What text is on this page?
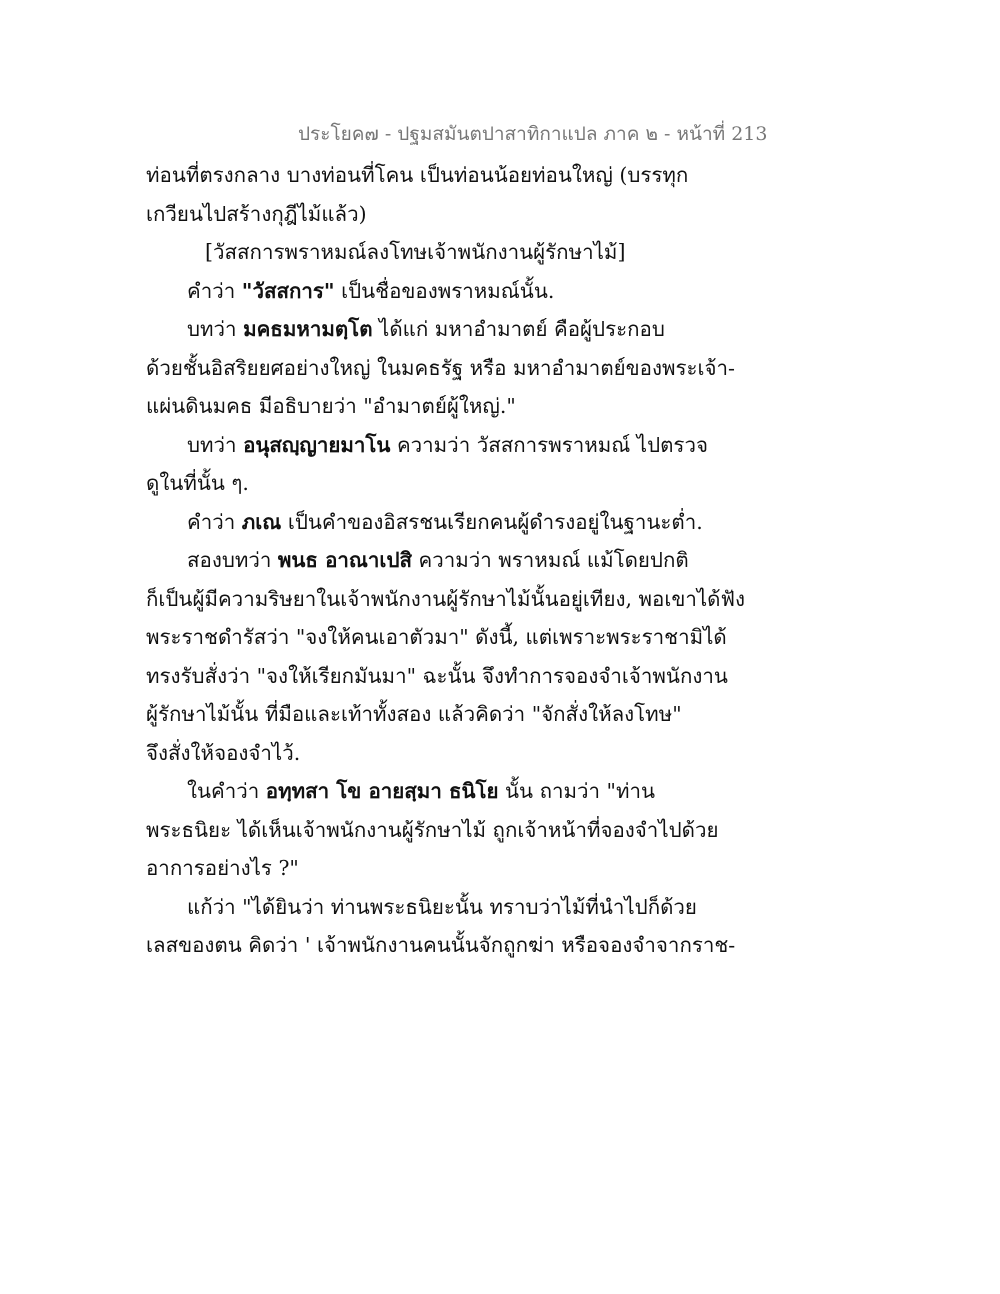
ประโยค๗ - ปฐมสมันตปาสาทิกาแปล ภาค ๒ - หน้าที่ 213
ท่อนที่ตรงกลาง บางท่อนที่โคน เป็นท่อนน้อยท่อนใหญ่ (บรรทุก
เกวียนไปสร้างกุฎีไม้แล้ว)
[วัสสการพราหมณ์ลงโทษเจ้าพนักงานผู้รักษาไม้]
คำว่า "วัสสการ" เป็นชื่อของพราหมณ์นั้น.
บทว่า มคธมหามตฺโต ได้แก่ มหาอำมาตย์ คือผู้ประกอบ
ด้วยชั้นอิสริยยศอย่างใหญ่ ในมคธรัฐ หรือ มหาอำมาตย์ของพระเจ้า-
แผ่นดินมคธ มีอธิบายว่า "อำมาตย์ผู้ใหญ่."
บทว่า อนุสญฺญายมาโน ความว่า วัสสการพราหมณ์ ไปตรวจ
ดูในที่นั้น ๆ.
คำว่า ภเณ เป็นคำของอิสรชนเรียกคนผู้ดำรงอยู่ในฐานะต่ำ.
สองบทว่า พนธ อาณาเปสิ ความว่า พราหมณ์ แม้โดยปกติ
ก็เป็นผู้มีความริษยาในเจ้าพนักงานผู้รักษาไม้นั้นอยู่เทียง, พอเขาได้ฟัง
พระราชดำรัสว่า "จงให้คนเอาตัวมา" ดังนี้, แต่เพราะพระราชามิได้
ทรงรับสั่งว่า "จงให้เรียกมันมา" ฉะนั้น จึงทำการจองจำเจ้าพนักงาน
ผู้รักษาไม้นั้น ที่มือและเท้าทั้งสอง แล้วคิดว่า "จักสั่งให้ลงโทษ"
จึงสั่งให้จองจำไว้.
ในคำว่า อทฺทสา โข อายสฺมา ธนิโย นั้น ถามว่า "ท่าน
พระธนิยะ ได้เห็นเจ้าพนักงานผู้รักษาไม้ ถูกเจ้าหน้าที่จองจำไปด้วย
อาการอย่างไร ?"
แก้ว่า "ได้ยินว่า ท่านพระธนิยะนั้น ทราบว่าไม้ที่นำไปก็ด้วย
เลสของตน คิดว่า ' เจ้าพนักงานคนนั้นจักถูกฆ่า หรือจองจำจากราช-
